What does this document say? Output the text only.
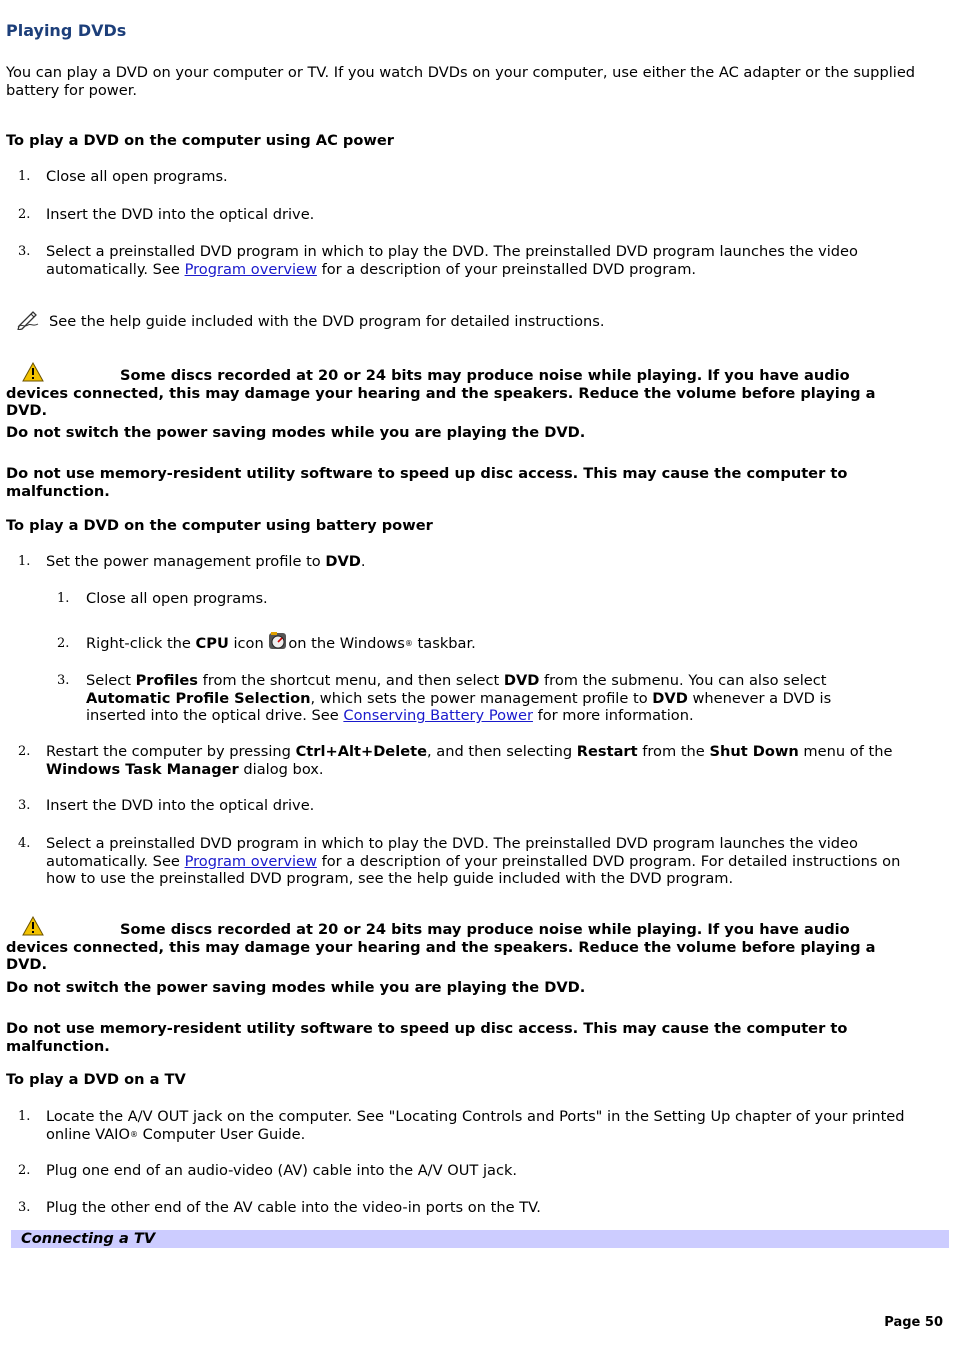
Playing DVDs

You can play a DVD on your computer or TV. If you watch DVDs on your computer, use either the AC adapter or the supplied battery for power.

To play a DVD on the computer using AC power

1. Close all open programs.

2. Insert the DVD into the optical drive.

3. Select a preinstalled DVD program in which to play the DVD. The preinstalled DVD program launches the video automatically. See Program overview for a description of your preinstalled DVD program.

See the help guide included with the DVD program for detailed instructions.

Some discs recorded at 20 or 24 bits may produce noise while playing. If you have audio devices connected, this may damage your hearing and the speakers. Reduce the volume before playing a DVD.

Do not switch the power saving modes while you are playing the DVD.

Do not use memory-resident utility software to speed up disc access. This may cause the computer to malfunction.

To play a DVD on the computer using battery power

1. Set the power management profile to DVD.

1. Close all open programs.

2. Right-click the CPU icon on the Windows® taskbar.

3. Select Profiles from the shortcut menu, and then select DVD from the submenu. You can also select Automatic Profile Selection, which sets the power management profile to DVD whenever a DVD is inserted into the optical drive. See Conserving Battery Power for more information.

2. Restart the computer by pressing Ctrl+Alt+Delete, and then selecting Restart from the Shut Down menu of the Windows Task Manager dialog box.

3. Insert the DVD into the optical drive.

4. Select a preinstalled DVD program in which to play the DVD. The preinstalled DVD program launches the video automatically. See Program overview for a description of your preinstalled DVD program. For detailed instructions on how to use the preinstalled DVD program, see the help guide included with the DVD program.

Some discs recorded at 20 or 24 bits may produce noise while playing. If you have audio devices connected, this may damage your hearing and the speakers. Reduce the volume before playing a DVD.

Do not switch the power saving modes while you are playing the DVD.

Do not use memory-resident utility software to speed up disc access. This may cause the computer to malfunction.

To play a DVD on a TV

1. Locate the A/V OUT jack on the computer. See "Locating Controls and Ports" in the Setting Up chapter of your printed online VAIO® Computer User Guide.

2. Plug one end of an audio-video (AV) cable into the A/V OUT jack.

3. Plug the other end of the AV cable into the video-in ports on the TV.

Connecting a TV
Page 50
